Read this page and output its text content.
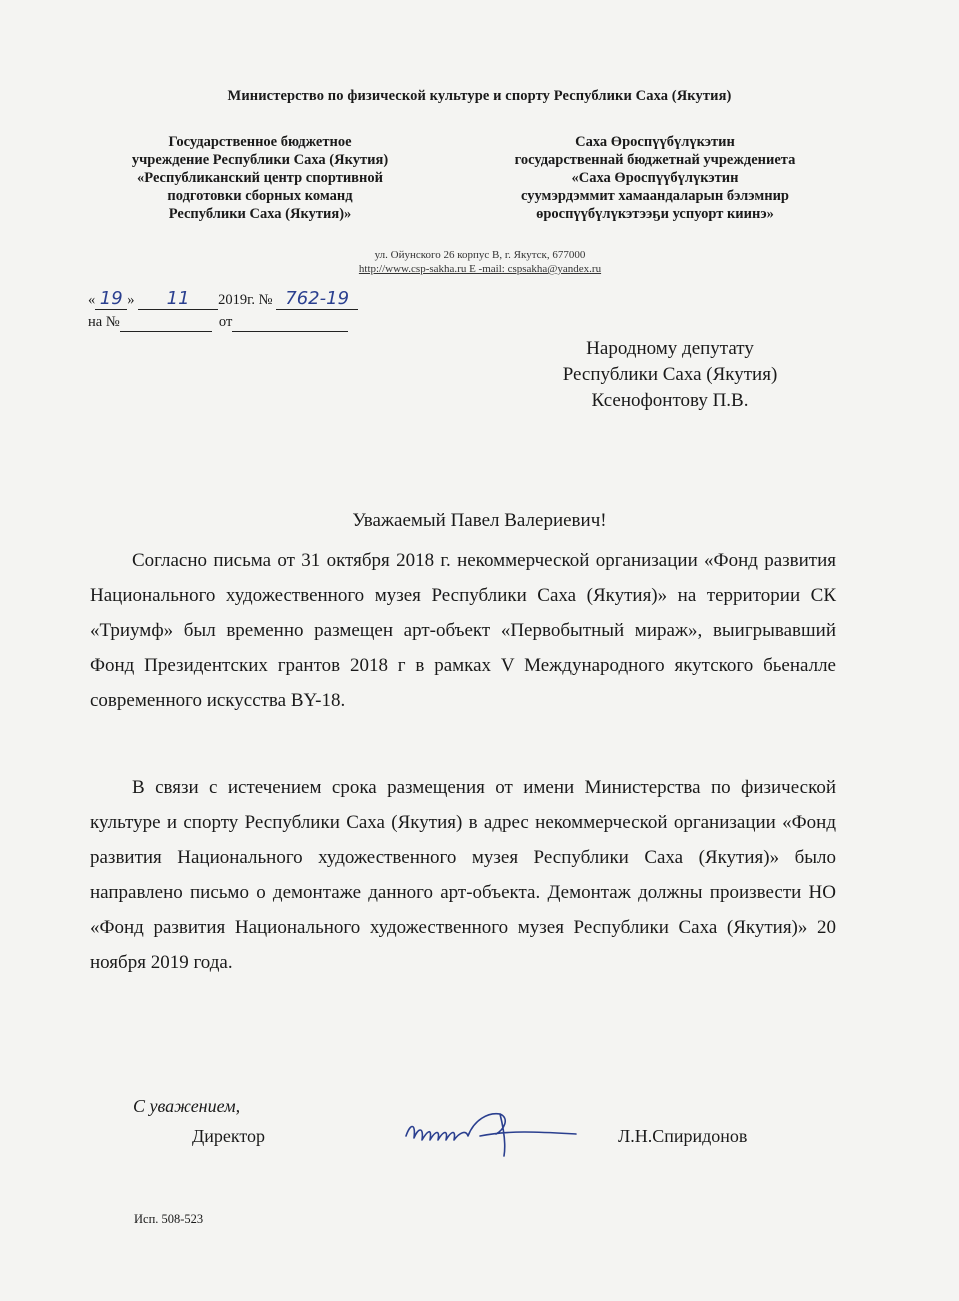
Министерство по физической культуре и спорту Республики Саха (Якутия)
Государственное бюджетное
учреждение Республики Саха (Якутия)
«Республиканский центр спортивной
подготовки сборных команд
Республики Саха (Якутия)»
Саха Өроспүүбүлүкэтин
государственнай бюджетнай учреждениета
«Саха Өроспүүбүлүкэтин
суумэрдэммит хамаандаларын бэлэмнир
өроспүүбүлүкэтээҕи успуорт киинэ»
ул. Ойунского 26 корпус В, г. Якутск, 677000
http://www.csp-sakha.ru E -mail: cspsakha@yandex.ru
« 19 » 11 2019г. № 762-19
на №	от
Народному депутату
Республики Саха (Якутия)
Ксенофонтову П.В.
Уважаемый Павел Валериевич!

Согласно письма от 31 октября 2018 г. некоммерческой организации «Фонд развития Национального художественного музея Республики Саха (Якутия)» на территории СК «Триумф» был временно размещен арт-объект «Первобытный мираж», выигрывавший Фонд Президентских грантов 2018 г в рамках V Международного якутского бьеналле современного искусства BY-18.

В связи с истечением срока размещения от имени Министерства по физической культуре и спорту Республики Саха (Якутия) в адрес некоммерческой организации «Фонд развития Национального художественного музея Республики Саха (Якутия)» было направлено письмо о демонтаже данного арт-объекта. Демонтаж должны произвести НО «Фонд развития Национального художественного музея Республики Саха (Якутия)» 20 ноября 2019 года.

С уважением,
Директор	Л.Н.Спиридонов
Исп. 508-523
